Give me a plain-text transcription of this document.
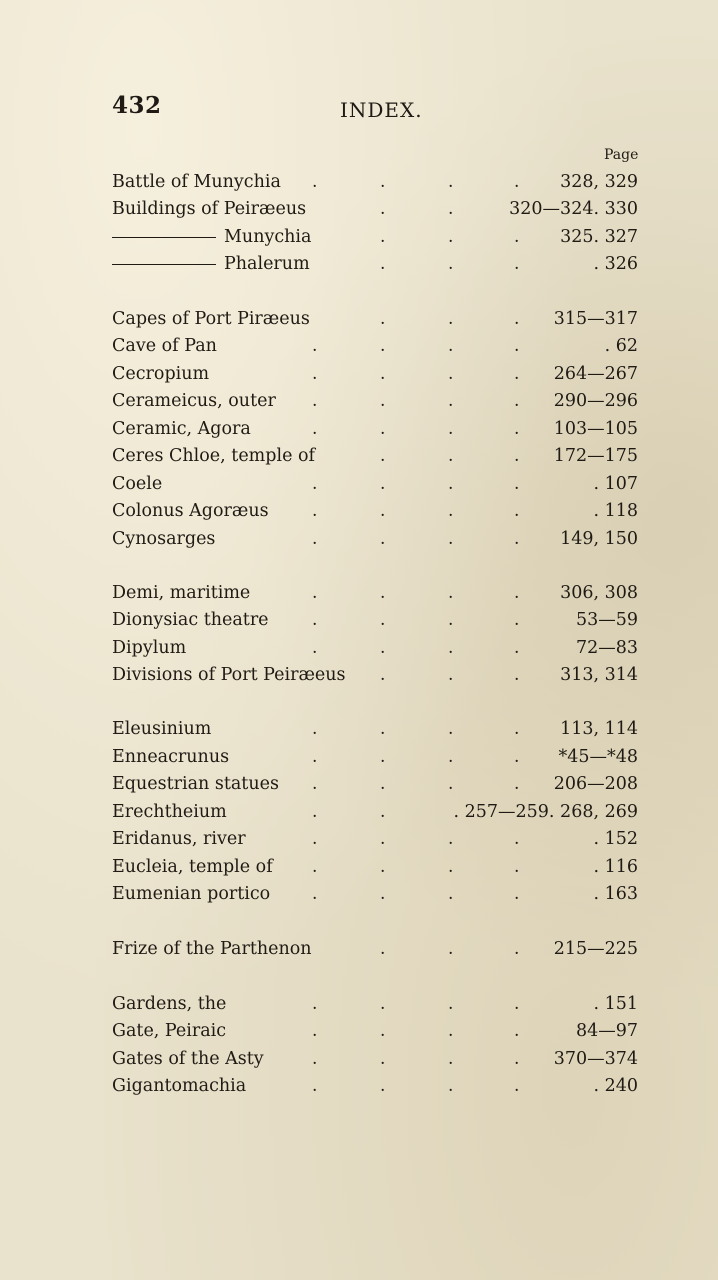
432	INDEX.
Page
Battle of Munychia	328, 329
.	.	.	.
Buildings of Peiræeus	320—324. 330
.	.
Munychia	325. 327
.	.	.
Phalerum	. 326
.	.	.
Capes of Port Piræeus	315—317
.	.	.
Cave of Pan	. 62
.	.	.	.
Cecropium	264—267
.	.	.	.
Cerameicus, outer	290—296
.	.	.	.
Ceramic, Agora	103—105
.	.	.	.
Ceres Chloe, temple of	172—175
.	.	.
Coele	. 107
.	.	.	.
Colonus Agoræus	. 118
.	.	.	.
Cynosarges	149, 150
.	.	.	.
Demi, maritime	306, 308
.	.	.	.
Dionysiac theatre	53—59
.	.	.	.
Dipylum	72—83
.	.	.	.
Divisions of Port Peiræeus	313, 314
.	.	.
Eleusinium	113, 114
.	.	.	.
Enneacrunus	*45—*48
.	.	.	.
Equestrian statues	206—208
.	.	.	.
Erechtheium	. 257—259. 268, 269
.	.
Eridanus, river	. 152
.	.	.	.
Eucleia, temple of	. 116
.	.	.	.
Eumenian portico	. 163
.	.	.	.
Frize of the Parthenon	215—225
.	.	.
Gardens, the	. 151
.	.	.	.
Gate, Peiraic	84—97
.	.	.	.
Gates of the Asty	370—374
.	.	.	.
Gigantomachia	. 240
.	.	.	.
